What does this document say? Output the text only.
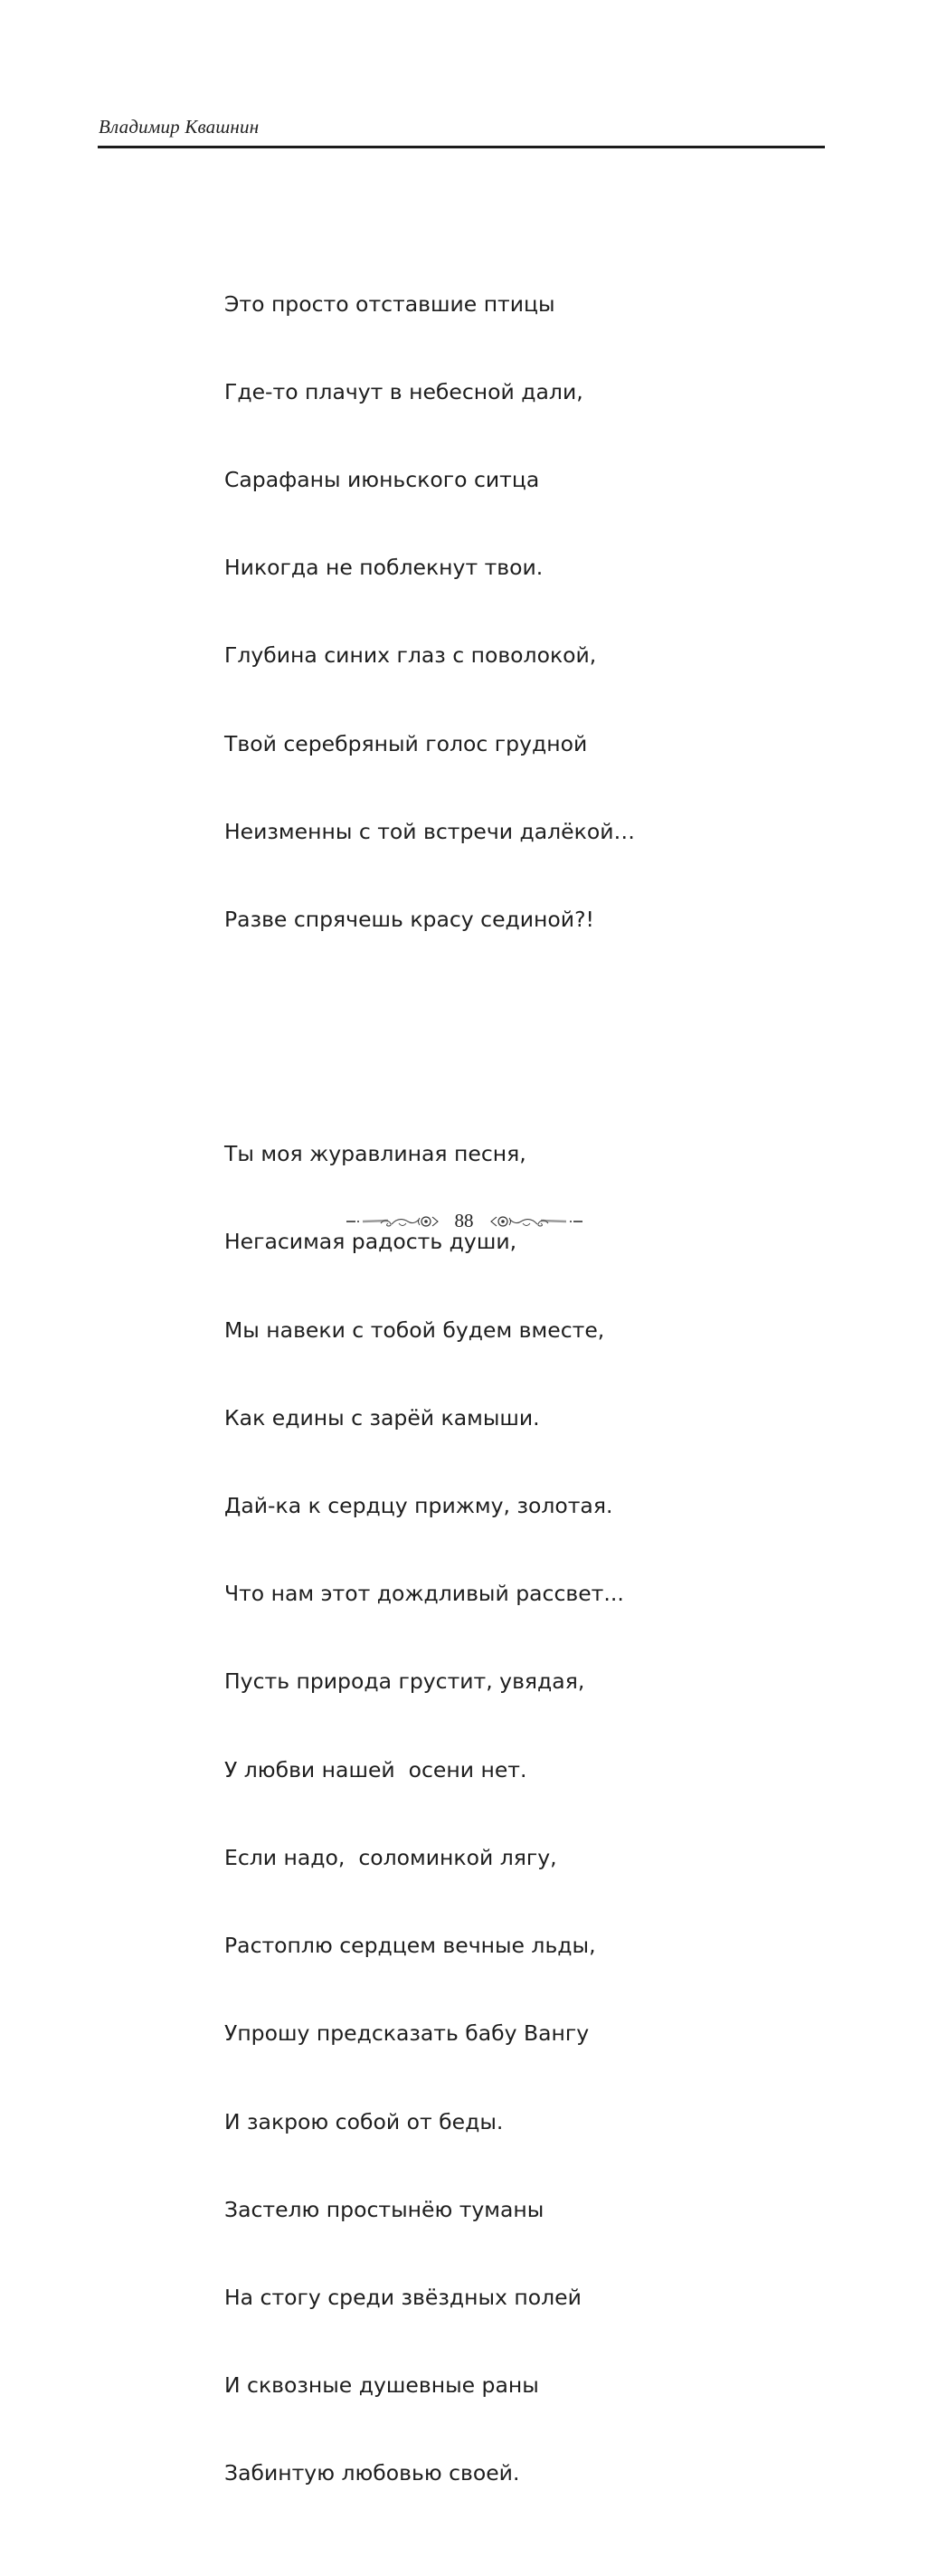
Владимир Квашнин

Это просто отставшие птицы

Где-то плачут в небесной дали,

Сарафаны июньского ситца

Никогда не поблекнут твои.

Глубина синих глаз с поволокой,

Твой серебряный голос грудной

Неизменны с той встречи далёкой…

Разве спрячешь красу сединой?!

Ты моя журавлиная песня,

Негасимая радость души,

Мы навеки с тобой будем вместе,

Как едины с зарёй камыши.

Дай-ка к сердцу прижму, золотая.

Что нам этот дождливый рассвет...

Пусть природа грустит, увядая,

У любви нашей  осени нет.

Если надо,  соломинкой лягу,

Растоплю сердцем вечные льды,

Упрошу предсказать бабу Вангу

И закрою собой от беды.

Застелю простынёю туманы

На стогу среди звёздных полей

И сквозные душевные раны

Забинтую любовью своей.

88
